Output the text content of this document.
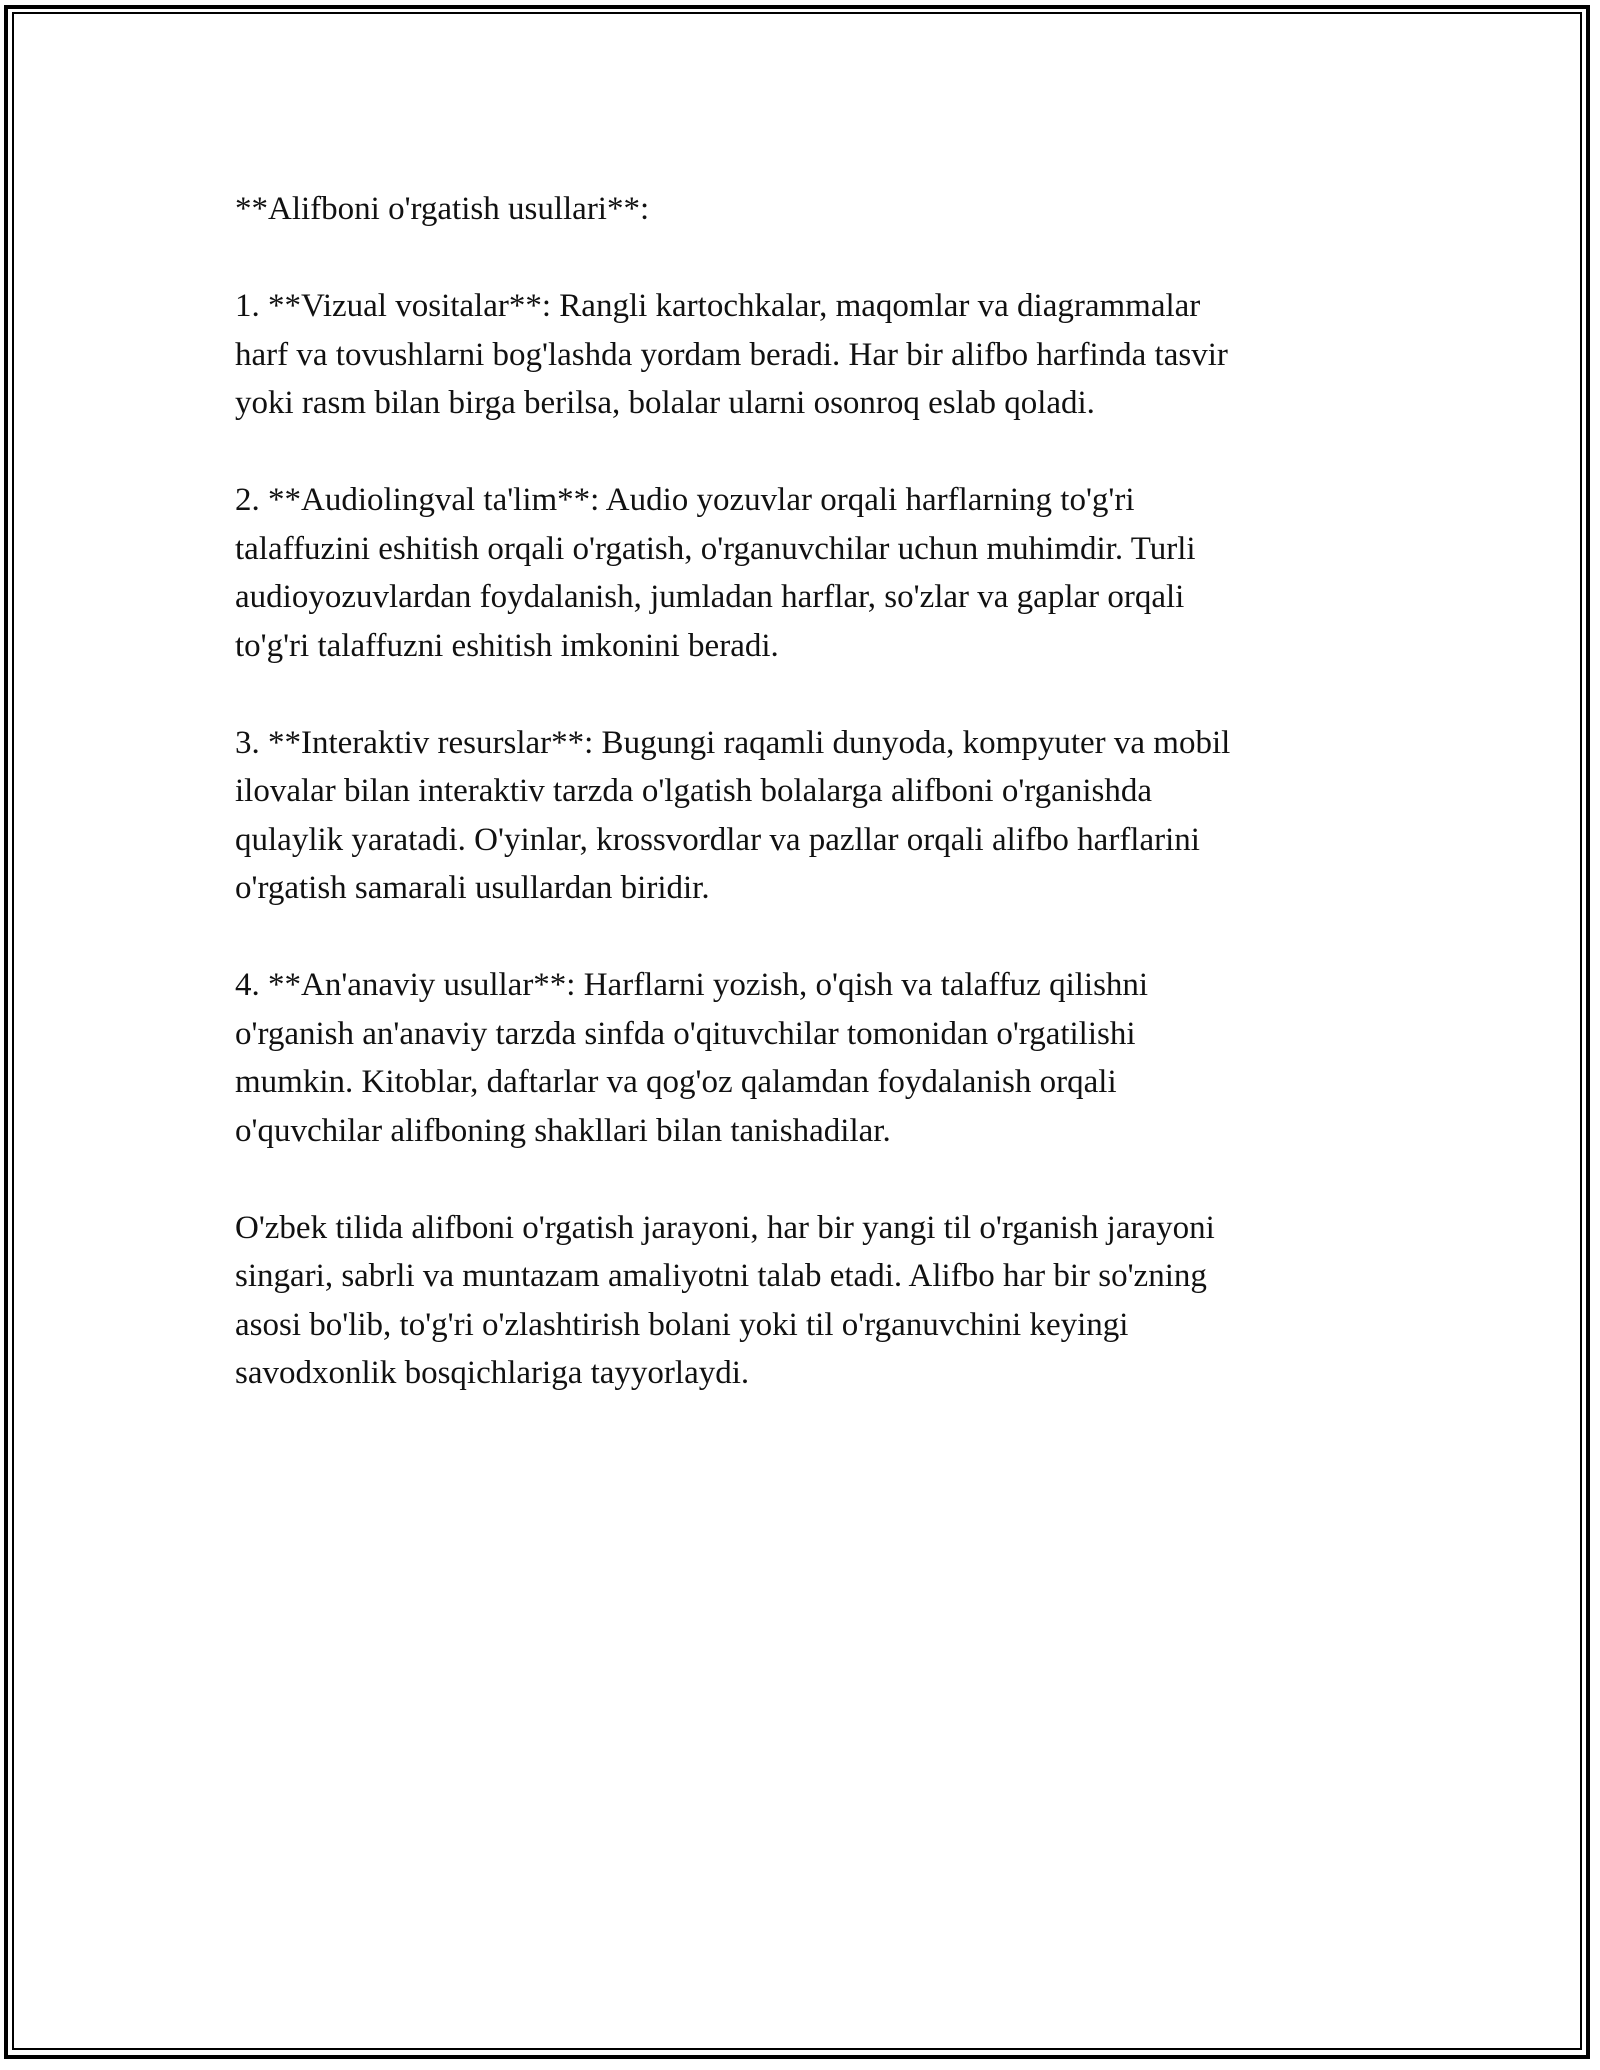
**Alifboni o'rgatish usullari**:

1. **Vizual vositalar**: Rangli kartochkalar, maqomlar va diagrammalar
harf va tovushlarni bog'lashda yordam beradi. Har bir alifbo harfinda tasvir
yoki rasm bilan birga berilsa, bolalar ularni osonroq eslab qoladi.

2. **Audiolingval ta'lim**: Audio yozuvlar orqali harflarning to'g'ri
talaffuzini eshitish orqali o'rgatish, o'rganuvchilar uchun muhimdir. Turli
audioyozuvlardan foydalanish, jumladan harflar, so'zlar va gaplar orqali
to'g'ri talaffuzni eshitish imkonini beradi.

3. **Interaktiv resurslar**: Bugungi raqamli dunyoda, kompyuter va mobil
ilovalar bilan interaktiv tarzda o'lgatish bolalarga alifboni o'rganishda
qulaylik yaratadi. O'yinlar, krossvordlar va pazllar orqali alifbo harflarini
o'rgatish samarali usullardan biridir.

4. **An'anaviy usullar**: Harflarni yozish, o'qish va talaffuz qilishni
o'rganish an'anaviy tarzda sinfda o'qituvchilar tomonidan o'rgatilishi
mumkin. Kitoblar, daftarlar va qog'oz qalamdan foydalanish orqali
o'quvchilar alifboning shakllari bilan tanishadilar.

O'zbek tilida alifboni o'rgatish jarayoni, har bir yangi til o'rganish jarayoni
singari, sabrli va muntazam amaliyotni talab etadi. Alifbo har bir so'zning
asosi bo'lib, to'g'ri o'zlashtirish bolani yoki til o'rganuvchini keyingi
savodxonlik bosqichlariga tayyorlaydi.
